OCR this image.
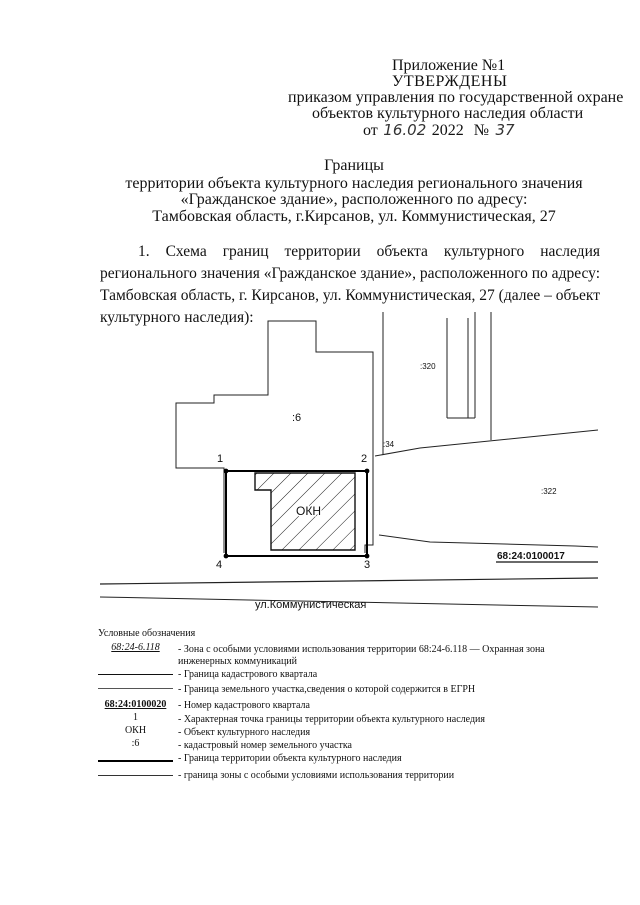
Приложение №1
УТВЕРЖДЕНЫ
приказом управления по государственной охране
объектов культурного наследия области
от 16.02 2022 № 37
Границы
территории объекта культурного наследия регионального значения
«Гражданское здание», расположенного по адресу:
Тамбовская область, г.Кирсанов, ул. Коммунистическая, 27
1. Схема границ территории объекта культурного наследия регионального значения «Гражданское здание», расположенного по адресу: Тамбовская область, г. Кирсанов, ул. Коммунистическая, 27 (далее – объект культурного наследия):
:6
:320
:34
:322
1	2
3
4
ОКН
68:24:0100017
ул.Коммунистическая
Условные обозначения
68:24-6.118	- Зона с особыми условиями использования территории 68:24-6.118 — Охранная зона
инженерных коммуникаций
- Граница кадастрового квартала
- Граница земельного участка,сведения о которой содержится в ЕГРН
68:24:0100020	- Номер кадастрового квартала
1	- Характерная точка границы территории объекта культурного наследия
ОКН	- Объект культурного наследия
:6	- кадастровый номер земельного участка
- Граница территории объекта культурного наследия
- граница зоны с особыми условиями использования территории
